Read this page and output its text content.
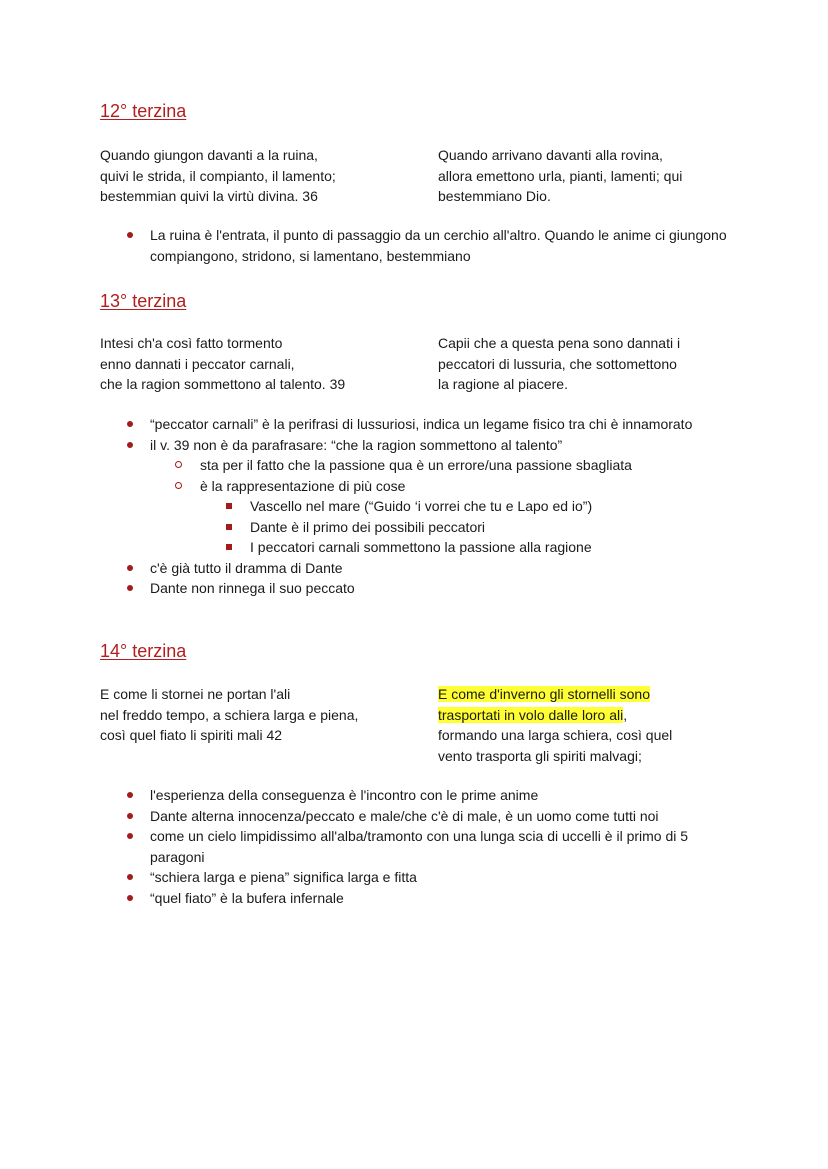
12° terzina
Quando giungon davanti a la ruina,
quivi le strida, il compianto, il lamento;
bestemmian quivi la virtù divina. 36
Quando arrivano davanti alla rovina,
allora emettono urla, pianti, lamenti; qui
bestemmiano Dio.
La ruina è l'entrata, il punto di passaggio da un cerchio all'altro. Quando le anime ci giungono compiangono, stridono, si lamentano, bestemmiano
13° terzina
Intesi ch'a così fatto tormento
enno dannati i peccator carnali,
che la ragion sommettono al talento. 39
Capii che a questa pena sono dannati i
peccatori di lussuria, che sottomettono
la ragione al piacere.
“peccator carnali” è la perifrasi di lussuriosi, indica un legame fisico tra chi è innamorato
il v. 39 non è da parafrasare: “che la ragion sommettono al talento”
sta per il fatto che la passione qua è un errore/una passione sbagliata
è la rappresentazione di più cose
Vascello nel mare (“Guido ‘i vorrei che tu e Lapo ed io”)
Dante è il primo dei possibili peccatori
I peccatori carnali sommettono la passione alla ragione
c'è già tutto il dramma di Dante
Dante non rinnega il suo peccato
14° terzina
E come li stornei ne portan l'ali
nel freddo tempo, a schiera larga e piena,
così quel fiato li spiriti mali 42
E come d'inverno gli stornelli sono
trasportati in volo dalle loro ali,
formando una larga schiera, così quel
vento trasporta gli spiriti malvagi;
l'esperienza della conseguenza è l'incontro con le prime anime
Dante alterna innocenza/peccato e male/che c'è di male, è un uomo come tutti noi
come un cielo limpidissimo all'alba/tramonto con una lunga scia di uccelli è il primo di 5 paragoni
“schiera larga e piena” significa larga e fitta
“quel fiato” è la bufera infernale
